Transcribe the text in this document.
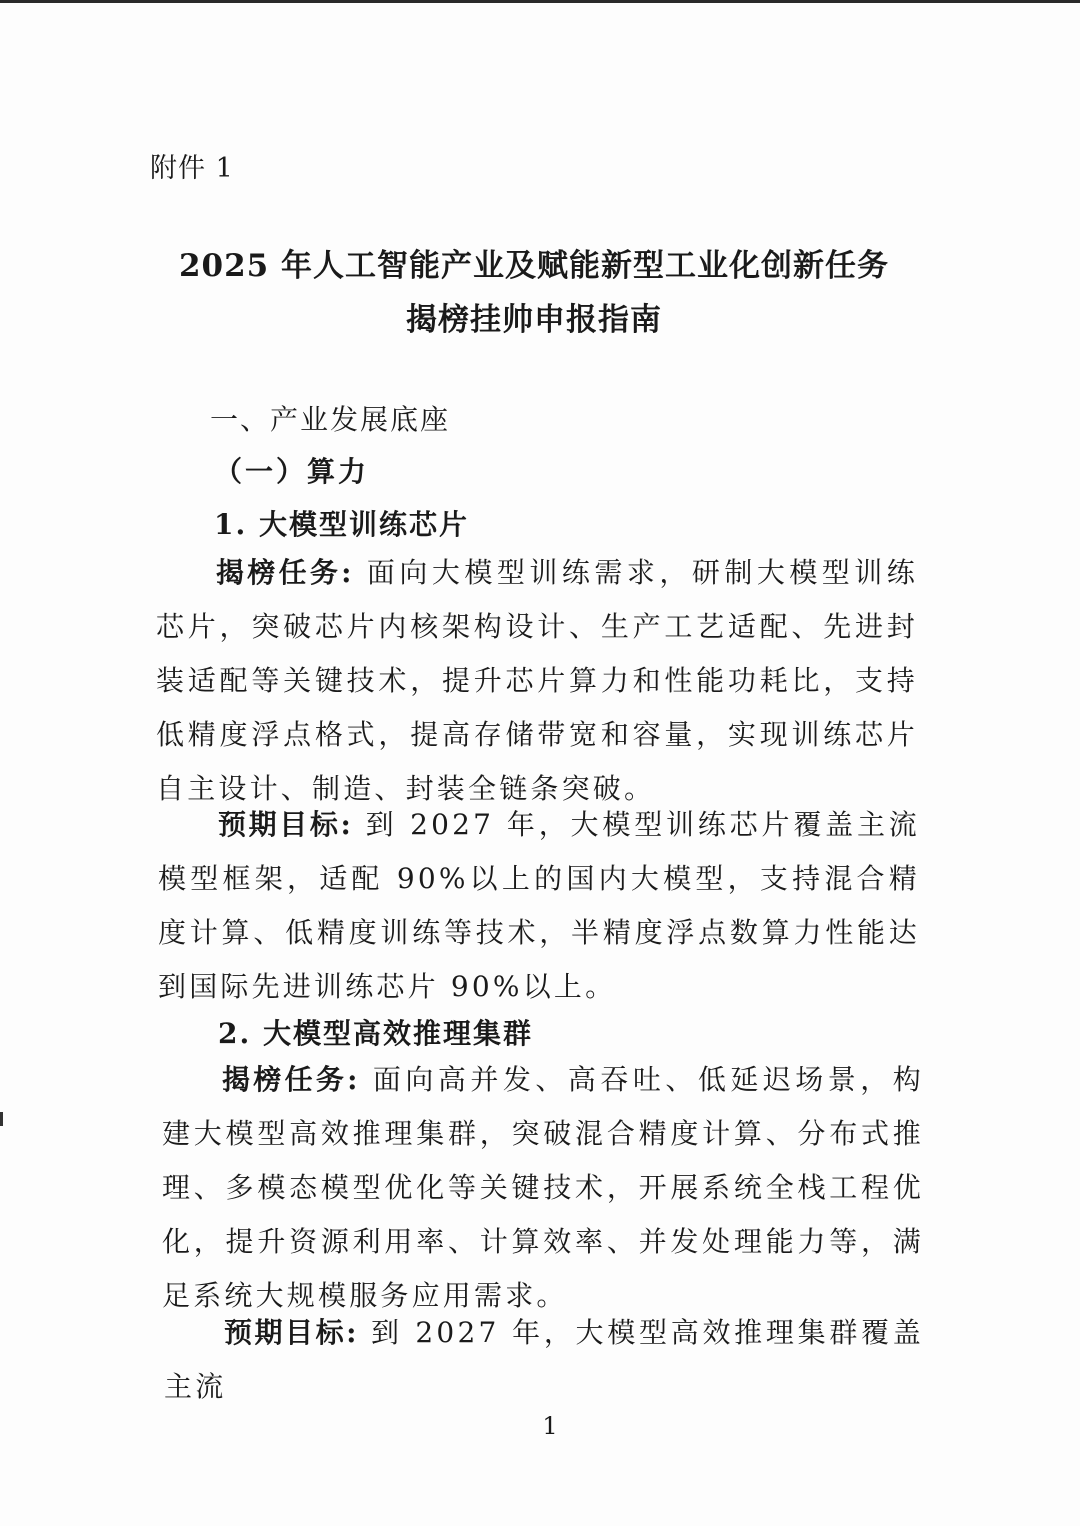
附件 1
2025 年人工智能产业及赋能新型工业化创新任务
揭榜挂帅申报指南
一、产业发展底座
（一）算力
1. 大模型训练芯片

揭榜任务: 面向大模型训练需求，研制大模型训练芯片，突破芯片内核架构设计、生产工艺适配、先进封装适配等关键技术，提升芯片算力和性能功耗比，支持低精度浮点格式，提高存储带宽和容量，实现训练芯片自主设计、制造、封装全链条突破。

预期目标: 到 2027 年，大模型训练芯片覆盖主流模型框架，适配 90%以上的国内大模型，支持混合精度计算、低精度训练等技术，半精度浮点数算力性能达到国际先进训练芯片 90%以上。

2. 大模型高效推理集群

揭榜任务: 面向高并发、高吞吐、低延迟场景，构建大模型高效推理集群，突破混合精度计算、分布式推理、多模态模型优化等关键技术，开展系统全栈工程优化，提升资源利用率、计算效率、并发处理能力等，满足系统大规模服务应用需求。

预期目标: 到 2027 年，大模型高效推理集群覆盖主流

1
